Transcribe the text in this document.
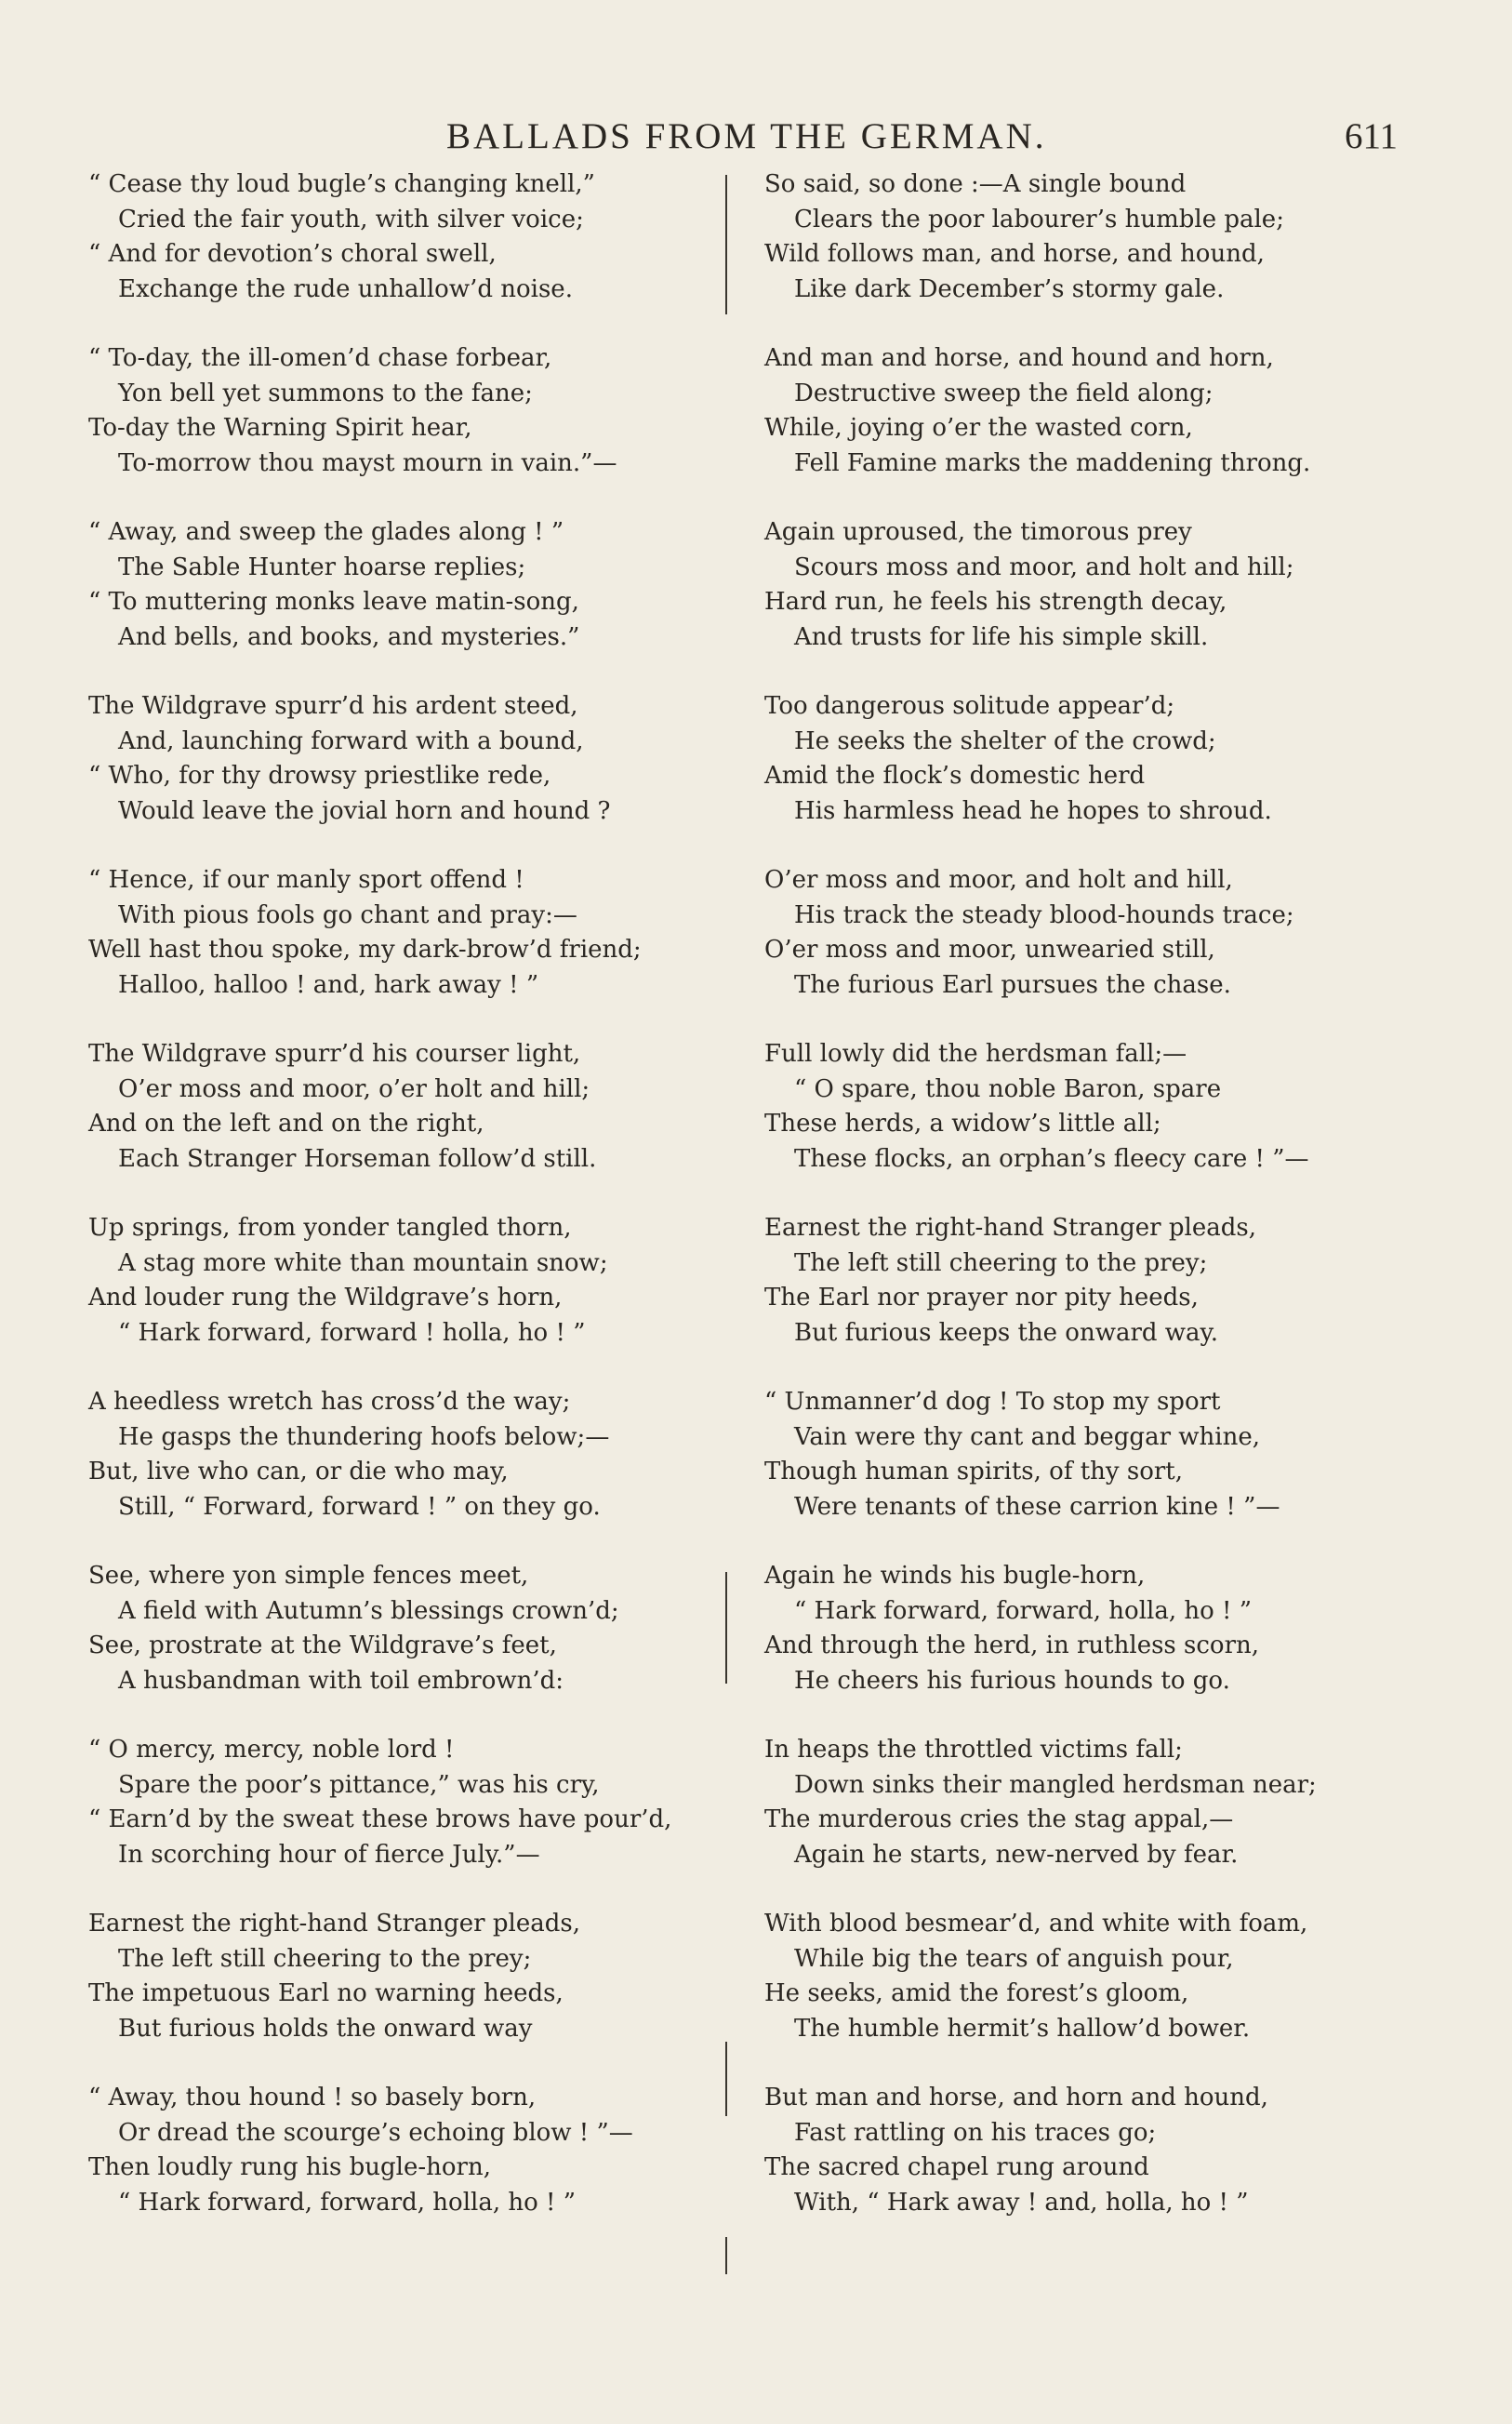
BALLADS FROM THE GERMAN.	611
“ Cease thy loud bugle’s changing knell,”
Cried the fair youth, with silver voice;
“ And for devotion’s choral swell,
Exchange the rude unhallow’d noise.
“ To-day, the ill-omen’d chase forbear,
Yon bell yet summons to the fane;
To-day the Warning Spirit hear,
To-morrow thou mayst mourn in vain.”—
“ Away, and sweep the glades along ! ”
The Sable Hunter hoarse replies;
“ To muttering monks leave matin-song,
And bells, and books, and mysteries.”
The Wildgrave spurr’d his ardent steed,
And, launching forward with a bound,
“ Who, for thy drowsy priestlike rede,
Would leave the jovial horn and hound ?
“ Hence, if our manly sport offend !
With pious fools go chant and pray:—
Well hast thou spoke, my dark-brow’d friend;
Halloo, halloo ! and, hark away ! ”
The Wildgrave spurr’d his courser light,
O’er moss and moor, o’er holt and hill;
And on the left and on the right,
Each Stranger Horseman follow’d still.
Up springs, from yonder tangled thorn,
A stag more white than mountain snow;
And louder rung the Wildgrave’s horn,
“ Hark forward, forward ! holla, ho ! ”
A heedless wretch has cross’d the way;
He gasps the thundering hoofs below;—
But, live who can, or die who may,
Still, “ Forward, forward ! ” on they go.
See, where yon simple fences meet,
A field with Autumn’s blessings crown’d;
See, prostrate at the Wildgrave’s feet,
A husbandman with toil embrown’d:
“ O mercy, mercy, noble lord !
Spare the poor’s pittance,” was his cry,
“ Earn’d by the sweat these brows have pour’d,
In scorching hour of fierce July.”—
Earnest the right-hand Stranger pleads,
The left still cheering to the prey;
The impetuous Earl no warning heeds,
But furious holds the onward way
“ Away, thou hound ! so basely born,
Or dread the scourge’s echoing blow ! ”—
Then loudly rung his bugle-horn,
“ Hark forward, forward, holla, ho ! ”
So said, so done :—A single bound
Clears the poor labourer’s humble pale;
Wild follows man, and horse, and hound,
Like dark December’s stormy gale.
And man and horse, and hound and horn,
Destructive sweep the field along;
While, joying o’er the wasted corn,
Fell Famine marks the maddening throng.
Again uproused, the timorous prey
Scours moss and moor, and holt and hill;
Hard run, he feels his strength decay,
And trusts for life his simple skill.
Too dangerous solitude appear’d;
He seeks the shelter of the crowd;
Amid the flock’s domestic herd
His harmless head he hopes to shroud.
O’er moss and moor, and holt and hill,
His track the steady blood-hounds trace;
O’er moss and moor, unwearied still,
The furious Earl pursues the chase.
Full lowly did the herdsman fall;—
“ O spare, thou noble Baron, spare
These herds, a widow’s little all;
These flocks, an orphan’s fleecy care ! ”—
Earnest the right-hand Stranger pleads,
The left still cheering to the prey;
The Earl nor prayer nor pity heeds,
But furious keeps the onward way.
“ Unmanner’d dog ! To stop my sport
Vain were thy cant and beggar whine,
Though human spirits, of thy sort,
Were tenants of these carrion kine ! ”—
Again he winds his bugle-horn,
“ Hark forward, forward, holla, ho ! ”
And through the herd, in ruthless scorn,
He cheers his furious hounds to go.
In heaps the throttled victims fall;
Down sinks their mangled herdsman near;
The murderous cries the stag appal,—
Again he starts, new-nerved by fear.
With blood besmear’d, and white with foam,
While big the tears of anguish pour,
He seeks, amid the forest’s gloom,
The humble hermit’s hallow’d bower.
But man and horse, and horn and hound,
Fast rattling on his traces go;
The sacred chapel rung around
With, “ Hark away ! and, holla, ho ! ”
